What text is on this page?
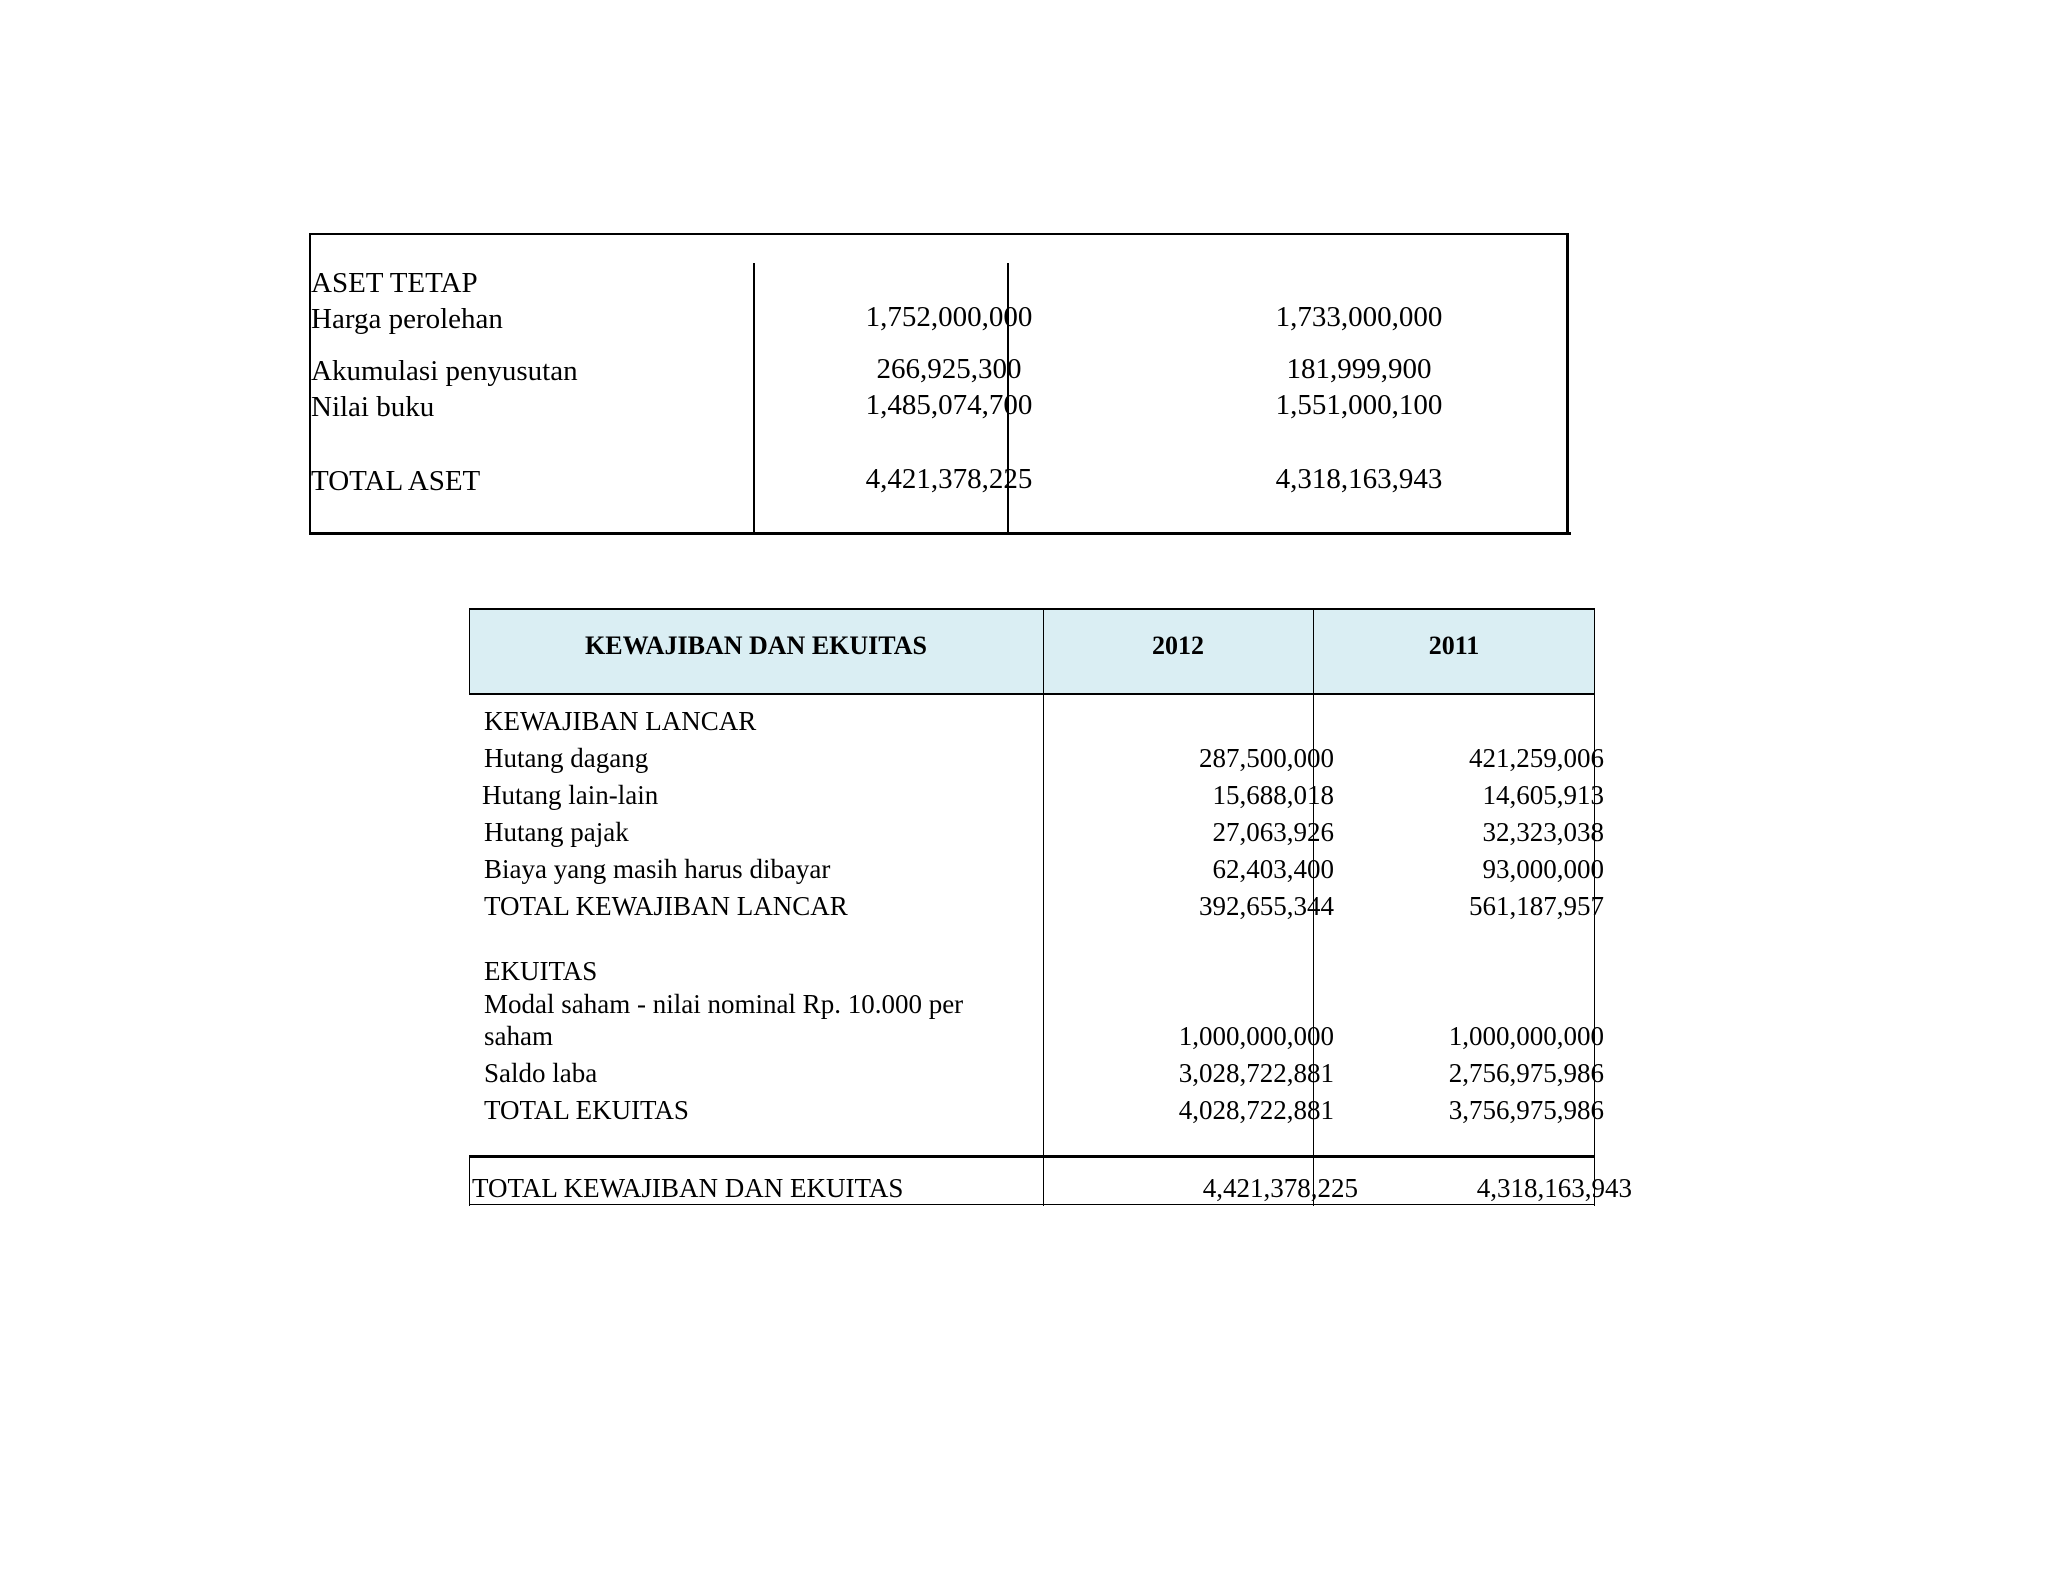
ASET TETAP
Harga perolehan	1,752,000,000	1,733,000,000
Akumulasi penyusutan	266,925,300	181,999,900
Nilai buku	1,485,074,700	1,551,000,100
TOTAL ASET	4,421,378,225	4,318,163,943
KEWAJIBAN DAN EKUITAS	2012	2011
KEWAJIBAN LANCAR
Hutang dagang	287,500,000	421,259,006
Hutang lain-lain	15,688,018	14,605,913
Hutang pajak	27,063,926	32,323,038
Biaya yang masih harus dibayar	62,403,400	93,000,000
TOTAL KEWAJIBAN LANCAR	392,655,344	561,187,957
EKUITAS
Modal saham - nilai nominal Rp. 10.000 per
saham	1,000,000,000	1,000,000,000
Saldo laba	3,028,722,881	2,756,975,986
TOTAL EKUITAS	4,028,722,881	3,756,975,986
TOTAL KEWAJIBAN DAN EKUITAS	4,421,378,225	4,318,163,943
